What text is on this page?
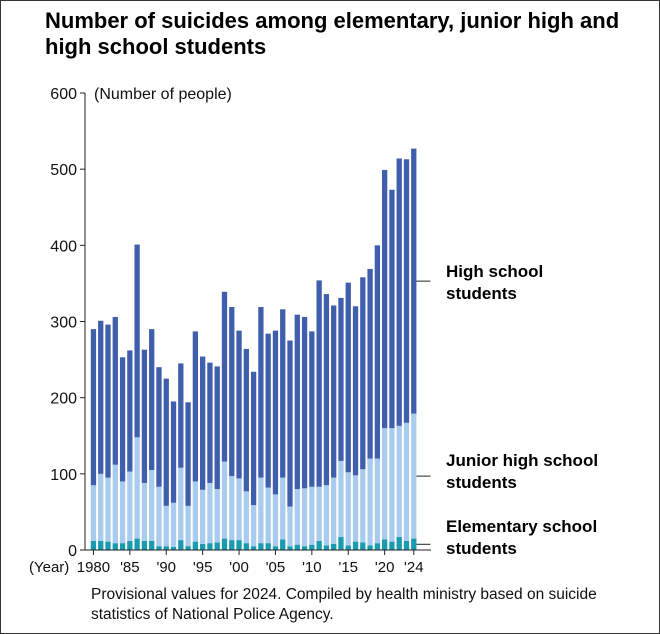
Number of suicides among elementary, junior high and high school students
0
100
200
300
400
500
600 (Number of people)
1980 '85 '90 '95 '00 '05 '10 '15 '20 '24
(Year)
High school
students
Junior high school
students
Elementary school
students
Provisional values for 2024. Compiled by health ministry based on suicide statistics of National Police Agency.
